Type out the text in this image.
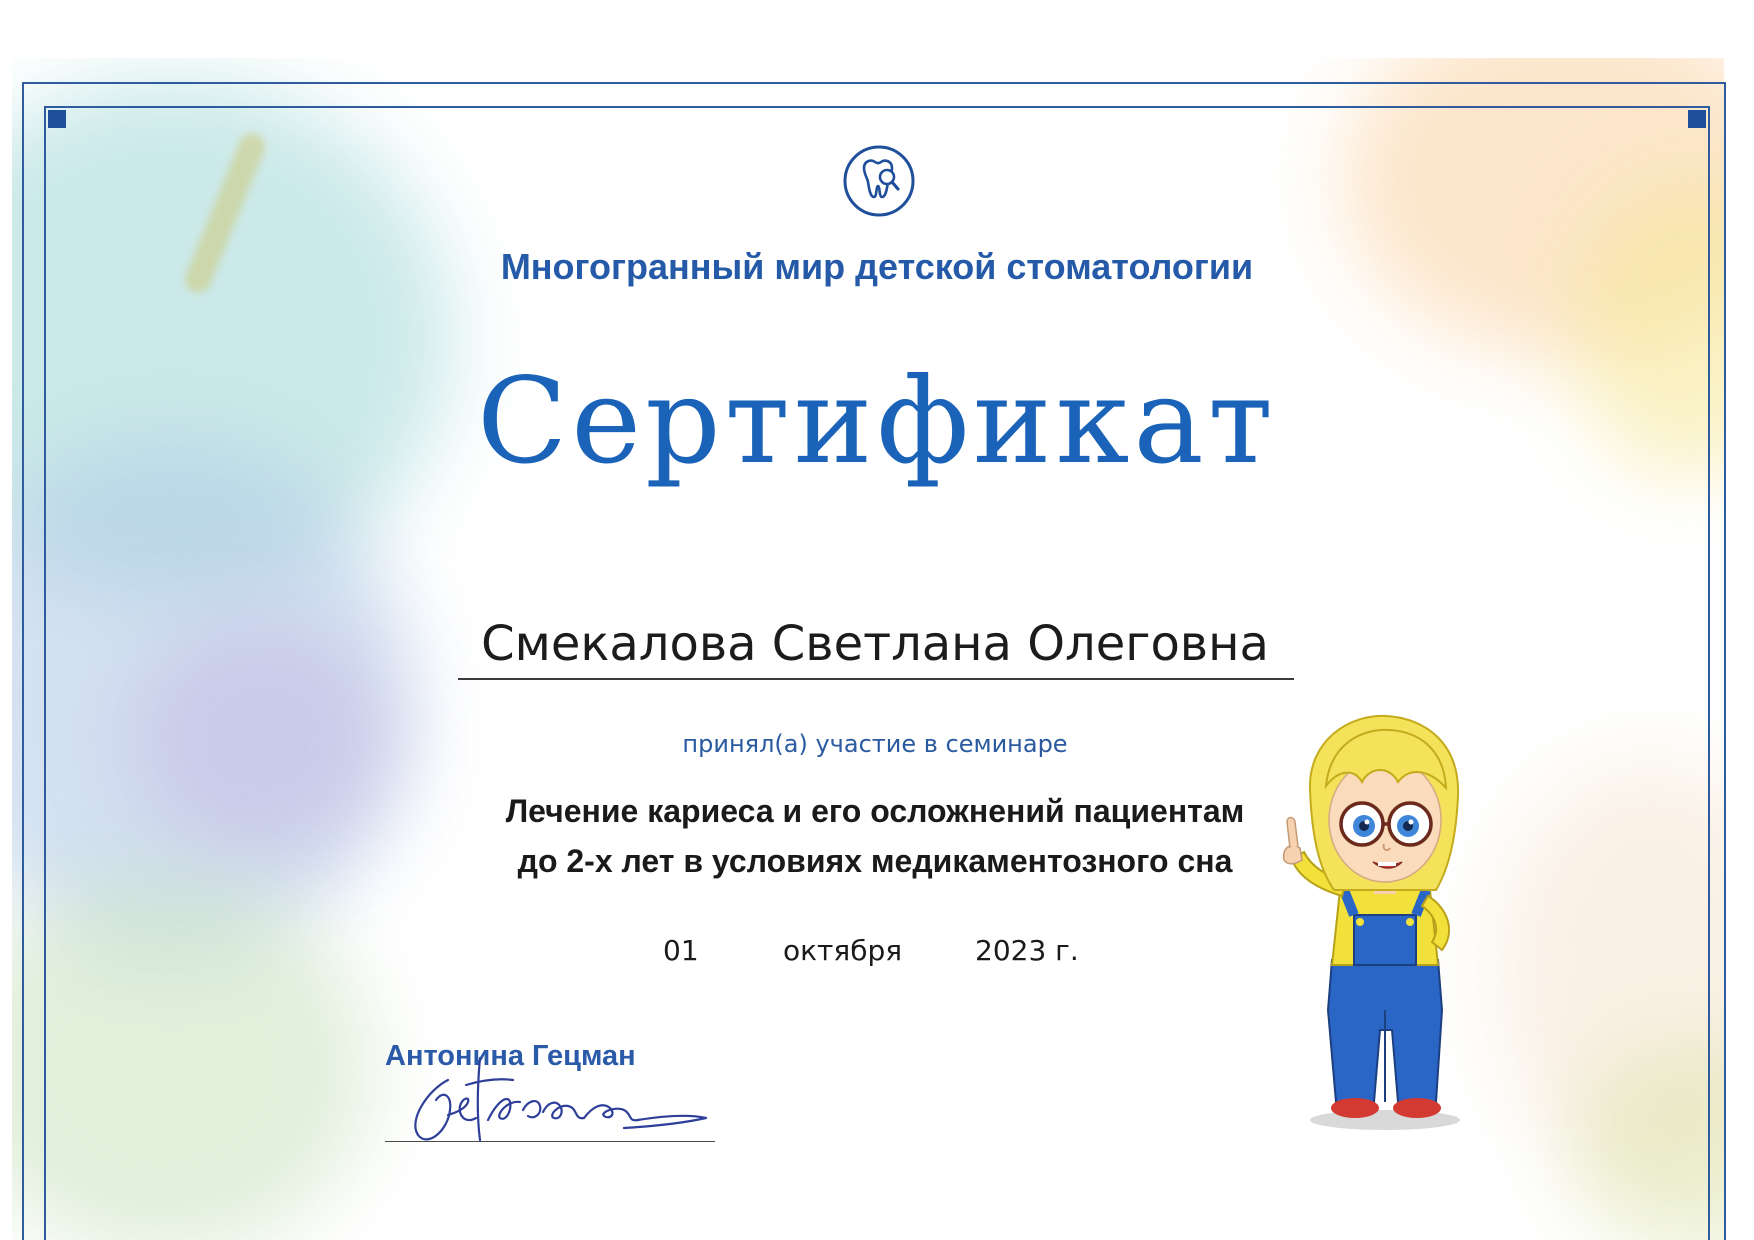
Многогранный мир детской стоматологии
Сертификат
Смекалова Светлана Олеговна
принял(а) участие в семинаре
Лечение кариеса и его осложнений пациентам
до 2-х лет в условиях медикаментозного сна
01	октября	2023 г.
Антонина Гецман
